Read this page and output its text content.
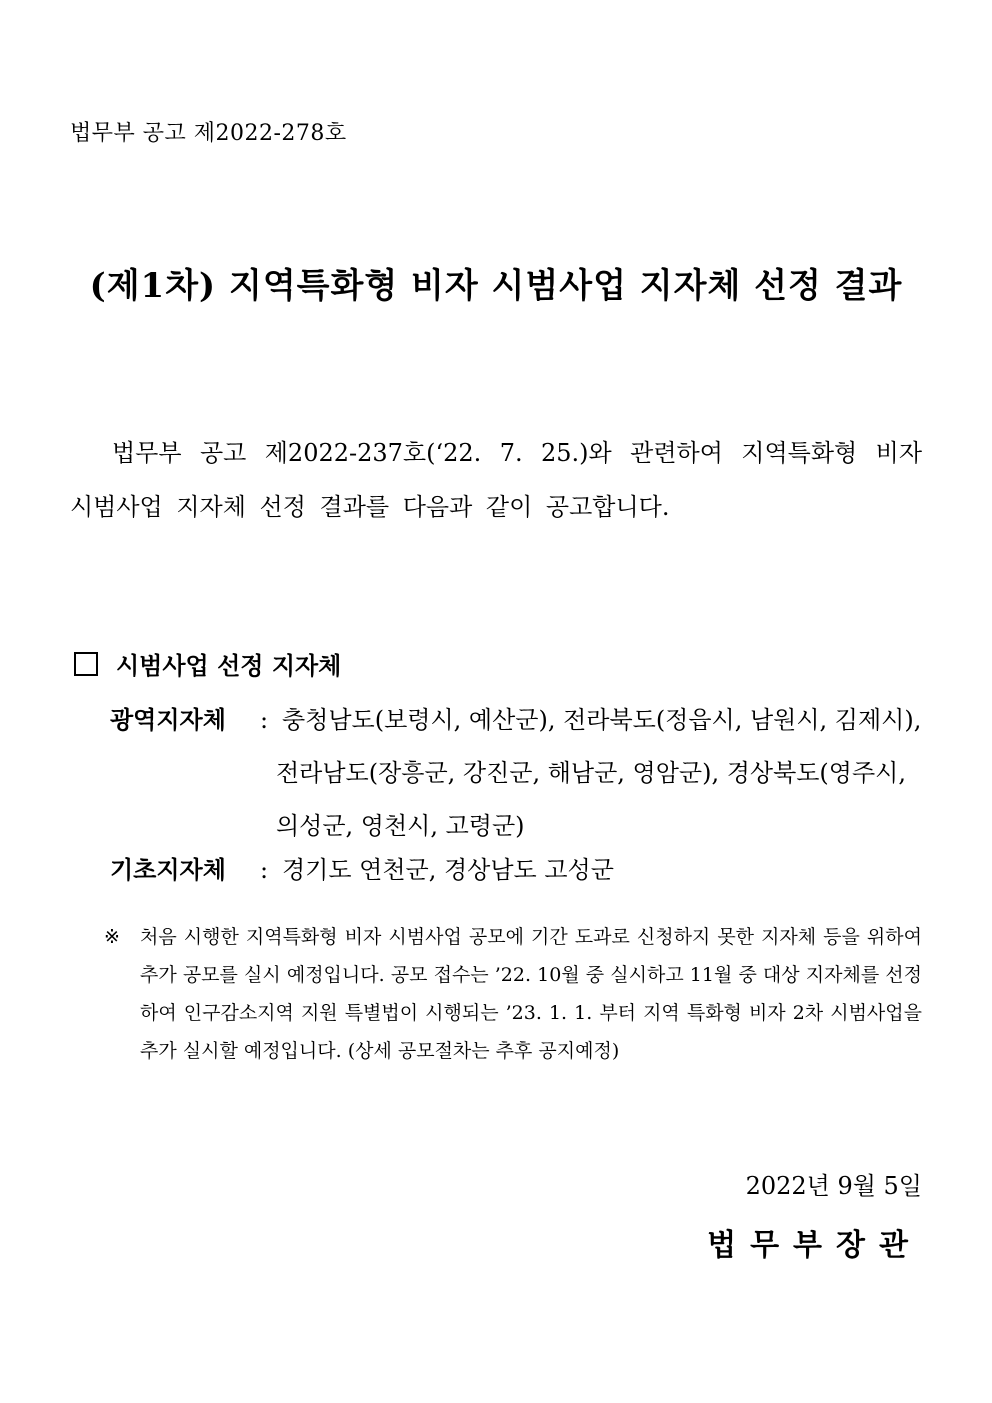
법무부 공고 제2022-278호
(제1차) 지역특화형 비자 시범사업 지자체 선정 결과
법무부 공고 제2022-237호(‘22. 7. 25.)와 관련하여 지역특화형 비자 시범사업 지자체 선정 결과를 다음과 같이 공고합니다.
시범사업 선정 지자체
광역지자체	: 충청남도(보령시, 예산군), 전라북도(정읍시, 남원시, 김제시),
전라남도(장흥군, 강진군, 해남군, 영암군), 경상북도(영주시,
의성군, 영천시, 고령군)
기초지자체	: 경기도 연천군, 경상남도 고성군
※	처음 시행한 지역특화형 비자 시범사업 공모에 기간 도과로 신청하지 못한 지자체 등을 위하여 추가 공모를 실시 예정입니다. 공모 접수는 ’22. 10월 중 실시하고 11월 중 대상 지자체를 선정하여 인구감소지역 지원 특별법이 시행되는 ’23. 1. 1. 부터 지역 특화형 비자 2차 시범사업을 추가 실시할 예정입니다. (상세 공모절차는 추후 공지예정)
2022년 9월 5일
법무부장관
